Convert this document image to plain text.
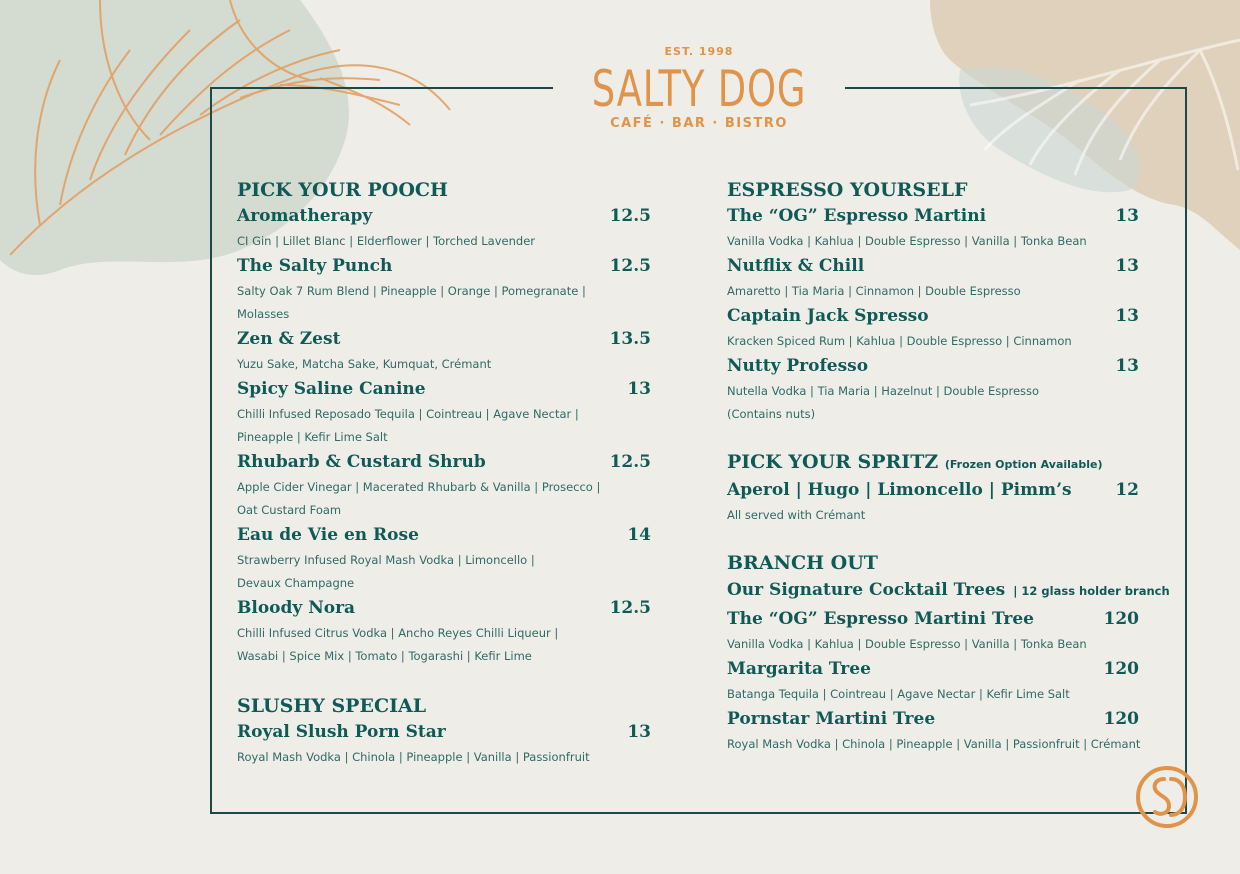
EST. 1998
SALTY DOG
CAFÉ · BAR · BISTRO
PICK YOUR POOCH
Aromatherapy	12.5
CI Gin | Lillet Blanc | Elderflower | Torched Lavender
The Salty Punch	12.5
Salty Oak 7 Rum Blend | Pineapple | Orange | Pomegranate |
Molasses
Zen & Zest	13.5
Yuzu Sake, Matcha Sake, Kumquat, Crémant
Spicy Saline Canine	13
Chilli Infused Reposado Tequila | Cointreau | Agave Nectar |
Pineapple | Kefir Lime Salt
Rhubarb & Custard Shrub	12.5
Apple Cider Vinegar | Macerated Rhubarb & Vanilla | Prosecco |
Oat Custard Foam
Eau de Vie en Rose	14
Strawberry Infused Royal Mash Vodka | Limoncello |
Devaux Champagne
Bloody Nora	12.5
Chilli Infused Citrus Vodka | Ancho Reyes Chilli Liqueur |
Wasabi | Spice Mix | Tomato | Togarashi | Kefir Lime
SLUSHY SPECIAL
Royal Slush Porn Star	13
Royal Mash Vodka | Chinola | Pineapple | Vanilla | Passionfruit
ESPRESSO YOURSELF
The “OG” Espresso Martini	13
Vanilla Vodka | Kahlua | Double Espresso | Vanilla | Tonka Bean
Nutflix & Chill	13
Amaretto | Tia Maria | Cinnamon | Double Espresso
Captain Jack Spresso	13
Kracken Spiced Rum | Kahlua | Double Espresso | Cinnamon
Nutty Professo	13
Nutella Vodka | Tia Maria | Hazelnut | Double Espresso
(Contains nuts)
PICK YOUR SPRITZ (Frozen Option Available)
Aperol | Hugo | Limoncello | Pimm’s	12
All served with Crémant
BRANCH OUT
Our Signature Cocktail Trees | 12 glass holder branch
The “OG” Espresso Martini Tree	120
Vanilla Vodka | Kahlua | Double Espresso | Vanilla | Tonka Bean
Margarita Tree	120
Batanga Tequila | Cointreau | Agave Nectar | Kefir Lime Salt
Pornstar Martini Tree	120
Royal Mash Vodka | Chinola | Pineapple | Vanilla | Passionfruit | Crémant
